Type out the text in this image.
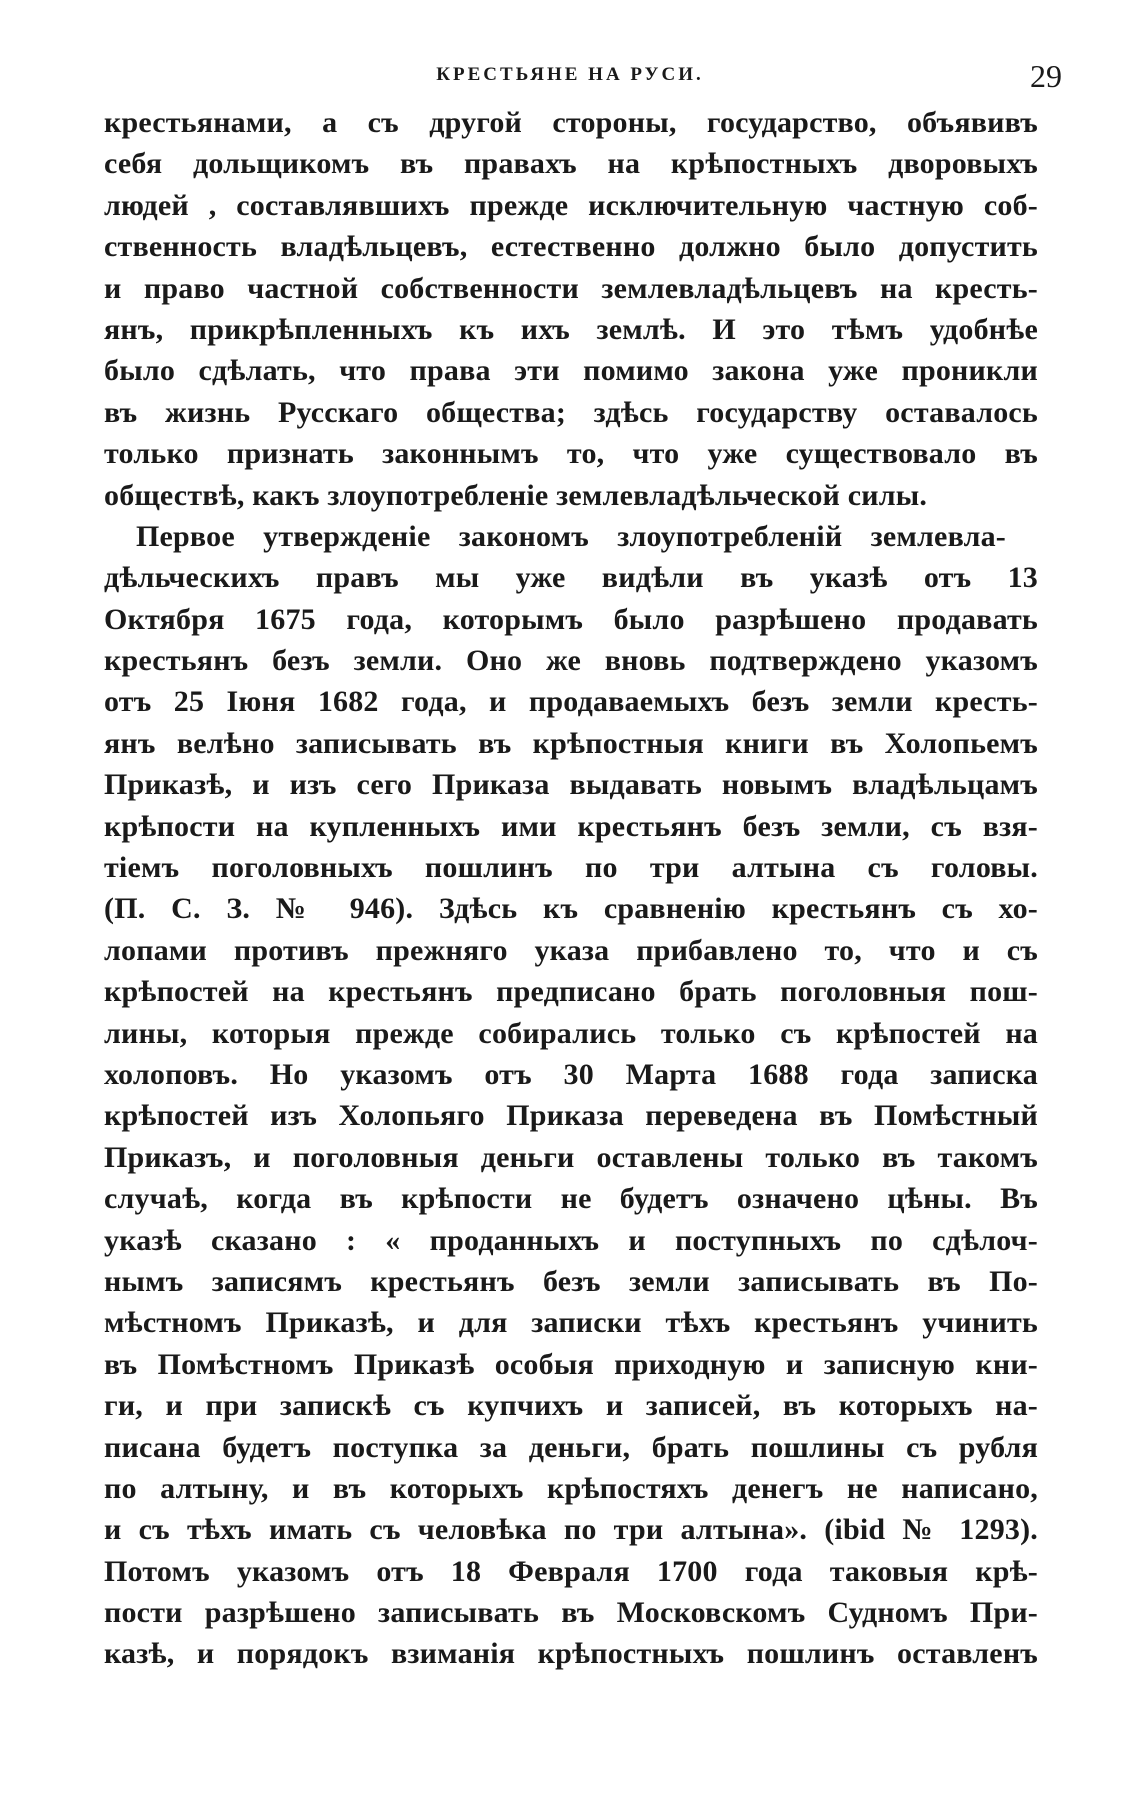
КРЕСТЬЯНЕ НА РУСИ.	29
крестьянами, а съ другой стороны, государство, объявивъ
себя дольщикомъ въ правахъ на крѣпостныхъ дворовыхъ
людей , составлявшихъ прежде исключительную частную соб-
ственность владѣльцевъ, естественно должно было допустить
и право частной собственности землевладѣльцевъ на кресть-
янъ, прикрѣпленныхъ къ ихъ землѣ. И это тѣмъ удобнѣе
было сдѣлать, что права эти помимо закона уже проникли
въ жизнь Русскаго общества; здѣсь государству оставалось
только признать законнымъ то, что уже существовало въ
обществѣ, какъ злоупотребленіе землевладѣльческой силы.
Первое утвержденіе закономъ злоупотребленій землевла-
дѣльческихъ правъ мы уже видѣли въ указѣ отъ 13
Октября 1675 года, которымъ было разрѣшено продавать
крестьянъ безъ земли. Оно же вновь подтверждено указомъ
отъ 25 Іюня 1682 года, и продаваемыхъ безъ земли кресть-
янъ велѣно записывать въ крѣпостныя книги въ Холопьемъ
Приказѣ, и изъ сего Приказа выдавать новымъ владѣльцамъ
крѣпости на купленныхъ ими крестьянъ безъ земли, съ взя-
тіемъ поголовныхъ пошлинъ по три алтына съ головы.
(П. С. З. № 946). Здѣсь къ сравненію крестьянъ съ хо-
лопами противъ прежняго указа прибавлено то, что и съ
крѣпостей на крестьянъ предписано брать поголовныя пош-
лины, которыя прежде собирались только съ крѣпостей на
холоповъ. Но указомъ отъ 30 Марта 1688 года записка
крѣпостей изъ Холопьяго Приказа переведена въ Помѣстный
Приказъ, и поголовныя деньги оставлены только въ такомъ
случаѣ, когда въ крѣпости не будетъ означено цѣны. Въ
указѣ сказано : « проданныхъ и поступныхъ по сдѣлоч-
нымъ записямъ крестьянъ безъ земли записывать въ По-
мѣстномъ Приказѣ, и для записки тѣхъ крестьянъ учинить
въ Помѣстномъ Приказѣ особыя приходную и записную кни-
ги, и при запискѣ съ купчихъ и записей, въ которыхъ на-
писана будетъ поступка за деньги, брать пошлины съ рубля
по алтыну, и въ которыхъ крѣпостяхъ денегъ не написано,
и съ тѣхъ имать съ человѣка по три алтына». (ibid № 1293).
Потомъ указомъ отъ 18 Февраля 1700 года таковыя крѣ-
пости разрѣшено записывать въ Московскомъ Судномъ При-
казѣ, и порядокъ взиманія крѣпостныхъ пошлинъ оставленъ
